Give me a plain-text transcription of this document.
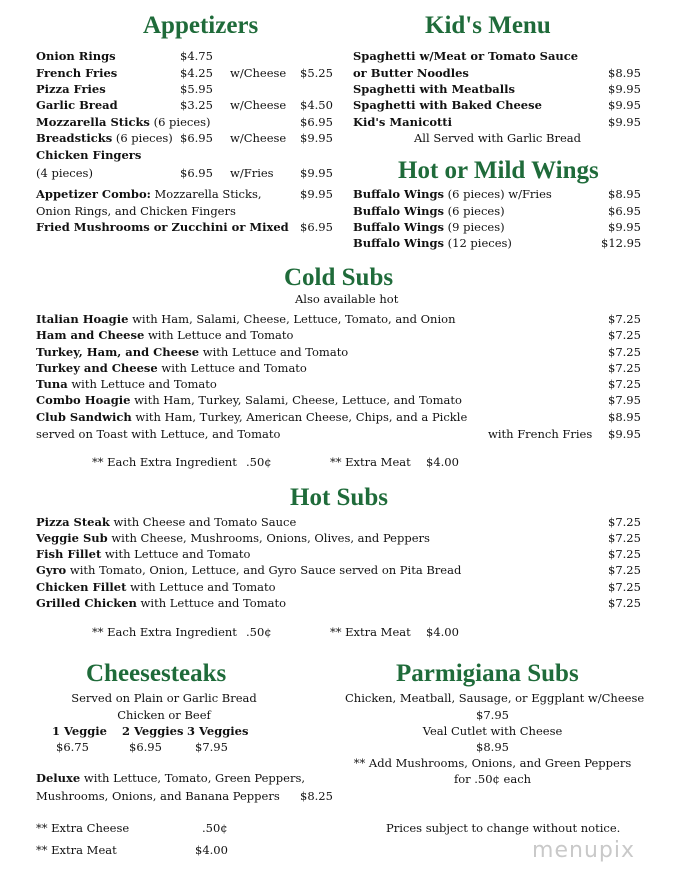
Appetizers
Onion Rings	$4.75
French Fries	$4.25 w/Cheese $5.25
Pizza Fries	$5.95
Garlic Bread	$3.25 w/Cheese $4.50
Mozzarella Sticks (6 pieces)	$6.95
Breadsticks (6 pieces) $6.95 w/Cheese $9.95
Chicken Fingers
(4 pieces)	$6.95 w/Fries $9.95
Appetizer Combo: Mozzarella Sticks,	$9.95
Onion Rings, and Chicken Fingers
Fried Mushrooms or Zucchini or Mixed $6.95
Kid's Menu
Spaghetti w/Meat or Tomato Sauce
or Butter Noodles	$8.95
Spaghetti with Meatballs	$9.95
Spaghetti with Baked Cheese	$9.95
Kid's Manicotti	$9.95
All Served with Garlic Bread
Hot or Mild Wings
Buffalo Wings (6 pieces) w/Fries	$8.95
Buffalo Wings (6 pieces)	$6.95
Buffalo Wings (9 pieces)	$9.95
Buffalo Wings (12 pieces)	$12.95
Cold Subs
Also available hot
Italian Hoagie with Ham, Salami, Cheese, Lettuce, Tomato, and Onion	$7.25
Ham and Cheese with Lettuce and Tomato	$7.25
Turkey, Ham, and Cheese with Lettuce and Tomato	$7.25
Turkey and Cheese with Lettuce and Tomato	$7.25
Tuna with Lettuce and Tomato	$7.25
Combo Hoagie with Ham, Turkey, Salami, Cheese, Lettuce, and Tomato	$7.95
Club Sandwich with Ham, Turkey, American Cheese, Chips, and a Pickle	$8.95
served on Toast with Lettuce, and Tomato	with French Fries $9.95
** Each Extra Ingredient .50¢	** Extra Meat $4.00
Hot Subs
Pizza Steak with Cheese and Tomato Sauce	$7.25
Veggie Sub with Cheese, Mushrooms, Onions, Olives, and Peppers	$7.25
Fish Fillet with Lettuce and Tomato	$7.25
Gyro with Tomato, Onion, Lettuce, and Gyro Sauce served on Pita Bread	$7.25
Chicken Fillet with Lettuce and Tomato	$7.25
Grilled Chicken with Lettuce and Tomato	$7.25
** Each Extra Ingredient .50¢	** Extra Meat $4.00
Cheesesteaks
Served on Plain or Garlic Bread
Chicken or Beef
1 Veggie 2 Veggies 3 Veggies
$6.75	$6.95	$7.95
Deluxe with Lettuce, Tomato, Green Peppers,
Mushrooms, Onions, and Banana Peppers $8.25
** Extra Cheese	.50¢
** Extra Meat	$4.00
Parmigiana Subs
Chicken, Meatball, Sausage, or Eggplant w/Cheese
$7.95
Veal Cutlet with Cheese
$8.95
** Add Mushrooms, Onions, and Green Peppers
for .50¢ each
Prices subject to change without notice.
menupix
